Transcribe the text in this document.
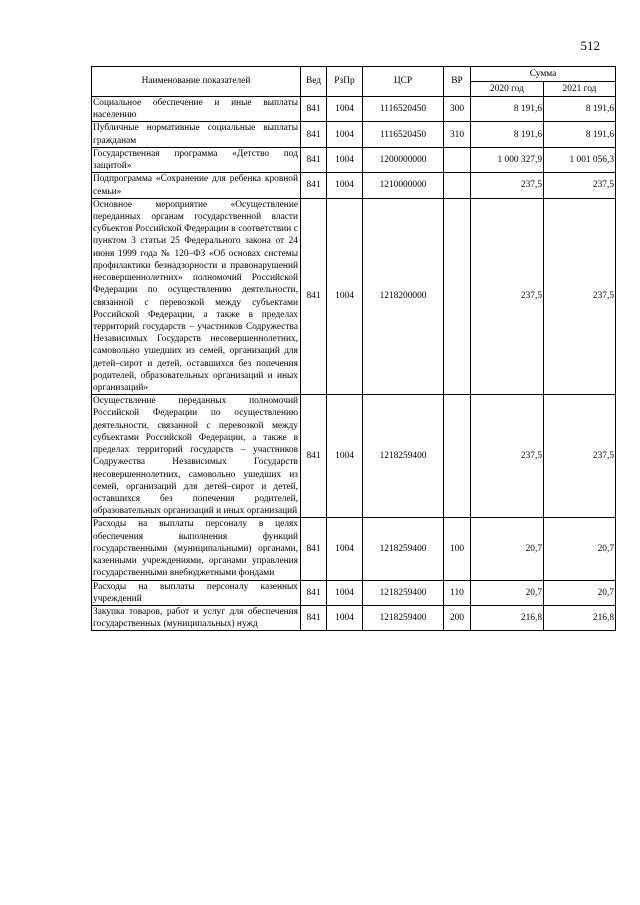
512
Наименование показателей	Вед	РзПр	ЦСР	ВР	Сумма	
					2020 год	2021 год
Социальное обеспечение и иные выплаты населению	841	1004	1116520450	300	8 191,6	8 191,6
Публичные нормативные социальные выплаты гражданам	841	1004	1116520450	310	8 191,6	8 191,6
Государственная программа «Детство под защитой»	841	1004	1200000000		1 000 327,9	1 001 056,3
Подпрограмма «Сохранение для ребенка кровной семьи»	841	1004	1210000000		237,5	237,5
Основное мероприятие «Осуществление переданных органам государственной власти субъектов Российской Федерации в соответствии с пунктом 3 статьи 25 Федерального закона от 24 июня 1999 года № 120–ФЗ «Об основах системы профилактики безнадзорности и правонарушений несовершеннолетних» полномочий Российской Федерации по осуществлению деятельности, связанной с перевозкой между субъектами Российской Федерации, а также в пределах территорий государств – участников Содружества Независимых Государств несовершеннолетних, самовольно ушедших из семей, организаций для детей–сирот и детей, оставшихся без попечения родителей, образовательных организаций и иных организаций»	841	1004	1218200000		237,5	237,5
Осуществление переданных полномочий Российской Федерации по осуществлению деятельности, связанной с перевозкой между субъектами Российской Федерации, а также в пределах территорий государств – участников Содружества Независимых Государств несовершеннолетних, самовольно ушедших из семей, организаций для детей–сирот и детей, оставшихся без попечения родителей, образовательных организаций и иных организаций	841	1004	1218259400		237,5	237,5
Расходы на выплаты персоналу в целях обеспечения выполнения функций государственными (муниципальными) органами, казенными учреждениями, органами управления государственными внебюджетными фондами	841	1004	1218259400	100	20,7	20,7
Расходы на выплаты персоналу казенных учреждений	841	1004	1218259400	110	20,7	20,7
Закупка товаров, работ и услуг для обеспечения государственных (муниципальных) нужд	841	1004	1218259400	200	216,8	216,8
